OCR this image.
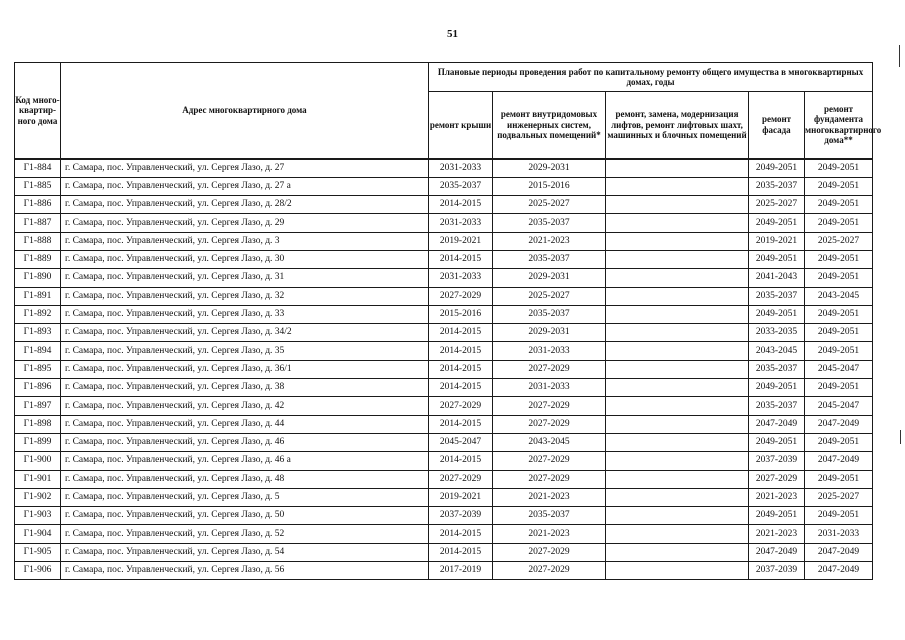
51
Код много-квартир-ного дома	Адрес многоквартирного дома	Плановые периоды проведения работ по капитальному ремонту общего имущества в многоквартирных домах, годы				
		ремонт крыши	ремонт внутридомовых инженерных систем, подвальных помещений*	ремонт, замена, модернизация лифтов, ремонт лифтовых шахт, машинных и блочных помещений	ремонт фасада	ремонт фундамента многоквартирного дома**
Г1-884	г. Самара, пос. Управленческий, ул. Сергея Лазо, д. 27	2031-2033	2029-2031		2049-2051	2049-2051
Г1-885	г. Самара, пос. Управленческий, ул. Сергея Лазо, д. 27 а	2035-2037	2015-2016		2035-2037	2049-2051
Г1-886	г. Самара, пос. Управленческий, ул. Сергея Лазо, д. 28/2	2014-2015	2025-2027		2025-2027	2049-2051
Г1-887	г. Самара, пос. Управленческий, ул. Сергея Лазо, д. 29	2031-2033	2035-2037		2049-2051	2049-2051
Г1-888	г. Самара, пос. Управленческий, ул. Сергея Лазо, д. 3	2019-2021	2021-2023		2019-2021	2025-2027
Г1-889	г. Самара, пос. Управленческий, ул. Сергея Лазо, д. 30	2014-2015	2035-2037		2049-2051	2049-2051
Г1-890	г. Самара, пос. Управленческий, ул. Сергея Лазо, д. 31	2031-2033	2029-2031		2041-2043	2049-2051
Г1-891	г. Самара, пос. Управленческий, ул. Сергея Лазо, д. 32	2027-2029	2025-2027		2035-2037	2043-2045
Г1-892	г. Самара, пос. Управленческий, ул. Сергея Лазо, д. 33	2015-2016	2035-2037		2049-2051	2049-2051
Г1-893	г. Самара, пос. Управленческий, ул. Сергея Лазо, д. 34/2	2014-2015	2029-2031		2033-2035	2049-2051
Г1-894	г. Самара, пос. Управленческий, ул. Сергея Лазо, д. 35	2014-2015	2031-2033		2043-2045	2049-2051
Г1-895	г. Самара, пос. Управленческий, ул. Сергея Лазо, д. 36/1	2014-2015	2027-2029		2035-2037	2045-2047
Г1-896	г. Самара, пос. Управленческий, ул. Сергея Лазо, д. 38	2014-2015	2031-2033		2049-2051	2049-2051
Г1-897	г. Самара, пос. Управленческий, ул. Сергея Лазо, д. 42	2027-2029	2027-2029		2035-2037	2045-2047
Г1-898	г. Самара, пос. Управленческий, ул. Сергея Лазо, д. 44	2014-2015	2027-2029		2047-2049	2047-2049
Г1-899	г. Самара, пос. Управленческий, ул. Сергея Лазо, д. 46	2045-2047	2043-2045		2049-2051	2049-2051
Г1-900	г. Самара, пос. Управленческий, ул. Сергея Лазо, д. 46 а	2014-2015	2027-2029		2037-2039	2047-2049
Г1-901	г. Самара, пос. Управленческий, ул. Сергея Лазо, д. 48	2027-2029	2027-2029		2027-2029	2049-2051
Г1-902	г. Самара, пос. Управленческий, ул. Сергея Лазо, д. 5	2019-2021	2021-2023		2021-2023	2025-2027
Г1-903	г. Самара, пос. Управленческий, ул. Сергея Лазо, д. 50	2037-2039	2035-2037		2049-2051	2049-2051
Г1-904	г. Самара, пос. Управленческий, ул. Сергея Лазо, д. 52	2014-2015	2021-2023		2021-2023	2031-2033
Г1-905	г. Самара, пос. Управленческий, ул. Сергея Лазо, д. 54	2014-2015	2027-2029		2047-2049	2047-2049
Г1-906	г. Самара, пос. Управленческий, ул. Сергея Лазо, д. 56	2017-2019	2027-2029		2037-2039	2047-2049
